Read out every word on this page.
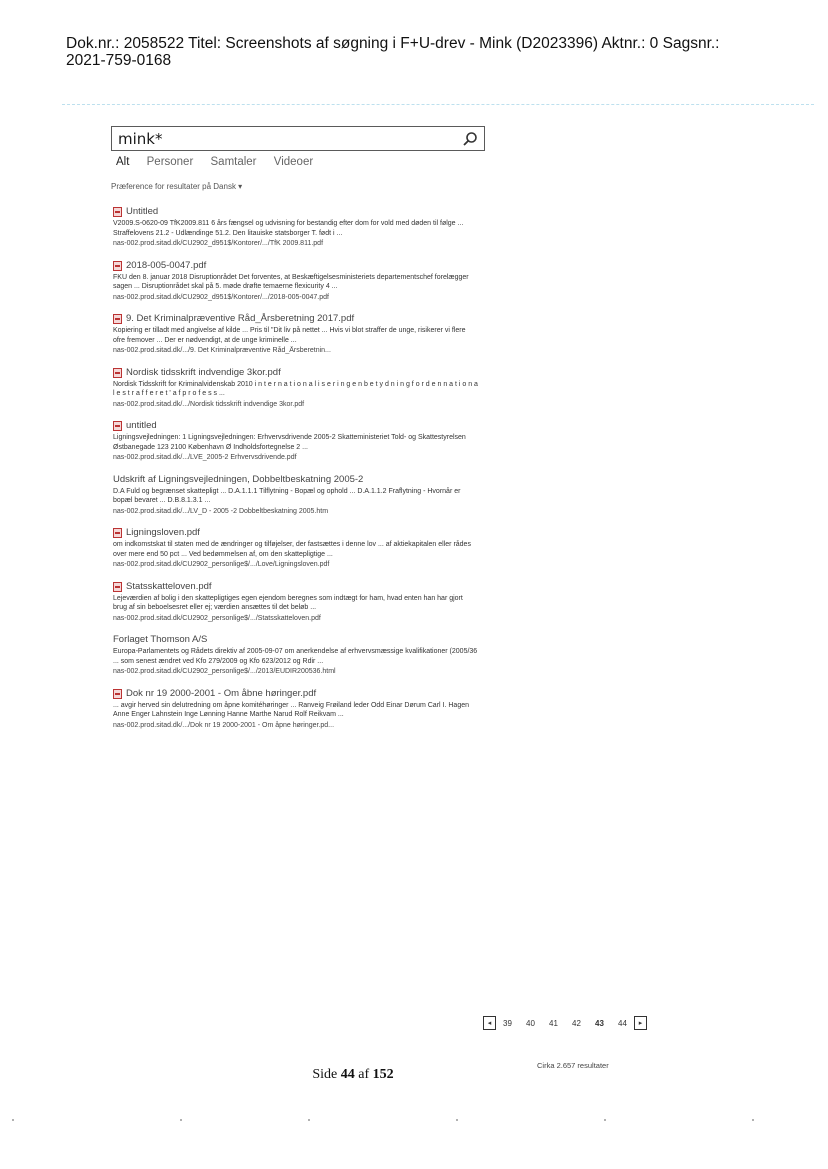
Dok.nr.: 2058522 Titel: Screenshots af søgning i F+U-drev - Mink (D2023396) Aktnr.: 0 Sagsnr.:
2021-759-0168
mink*
Alt Personer Samtaler Videoer
Præference for resultater på Dansk ▾
Untitled
V2009.S-0620-09 TfK2009.811 6 års fængsel og udvisning for bestandig efter dom for vold med døden til følge ... Straffelovens 21.2 - Udlændinge 51.2. Den litauiske statsborger T. født i ...
nas-002.prod.sitad.dk/CU2902_d951$/Kontorer/.../TfK 2009.811.pdf
2018-005-0047.pdf
FKU den 8. januar 2018 Disruptionrådet Det forventes, at Beskæftigelsesministeriets departementschef forelægger sagen ... Disruptionrådet skal på 5. møde drøfte temaerne flexicurity 4 ...
nas-002.prod.sitad.dk/CU2902_d951$/Kontorer/.../2018-005-0047.pdf
9. Det Kriminalpræventive Råd_Årsberetning 2017.pdf
Kopiering er tilladt med angivelse af kilde ... Pris til "Dit liv på nettet ... Hvis vi blot straffer de unge, risikerer vi flere ofre fremover ... Der er nødvendigt, at de unge kriminelle ...
nas-002.prod.sitad.dk/.../9. Det Kriminalpræventive Råd_Årsberetnin...
Nordisk tidsskrift indvendige 3kor.pdf
Nordisk Tidsskrift for Kriminalvidenskab 2010 i n t e r n a t i o n a l i s e r i n g e n b e t y d n i n g f o r d e n n a t i o n a l e s t r a f f e r e t ' a f p r o f e s s ...
nas-002.prod.sitad.dk/.../Nordisk tidsskrift indvendige 3kor.pdf
untitled
Ligningsvejledningen: 1 Ligningsvejledningen: Erhvervsdrivende 2005-2 Skatteministeriet Told- og Skattestyrelsen Østbanegade 123 2100 København Ø Indholdsfortegnelse 2 ...
nas-002.prod.sitad.dk/.../LVE_2005-2 Erhvervsdrivende.pdf
Udskrift af Ligningsvejledningen, Dobbeltbeskatning 2005-2
D.A Fuld og begrænset skattepligt ... D.A.1.1.1 Tilflytning - Bopæl og ophold ... D.A.1.1.2 Fraflytning - Hvornår er bopæl bevaret ... D.B.8.1.3.1 ...
nas-002.prod.sitad.dk/.../LV_D - 2005 -2 Dobbeltbeskatning 2005.htm
Ligningsloven.pdf
om indkomstskat til staten med de ændringer og tilføjelser, der fastsættes i denne lov ... af aktiekapitalen eller rådes over mere end 50 pct ... Ved bedømmelsen af, om den skattepligtige ...
nas-002.prod.sitad.dk/CU2902_personlige$/.../Love/Ligningsloven.pdf
Statsskatteloven.pdf
Lejeværdien af bolig i den skattepligtiges egen ejendom beregnes som indtægt for ham, hvad enten han har gjort brug af sin beboelsesret eller ej; værdien ansættes til det beløb ...
nas-002.prod.sitad.dk/CU2902_personlige$/.../Statsskatteloven.pdf
Forlaget Thomson A/S
Europa-Parlamentets og Rådets direktiv af 2005-09-07 om anerkendelse af erhvervsmæssige kvalifikationer (2005/36 ... som senest ændret ved Kfo 279/2009 og Kfo 623/2012 og Rdir ...
nas-002.prod.sitad.dk/CU2902_personlige$/.../2013/EUDIR200536.html
Dok nr 19 2000-2001 - Om åbne høringer.pdf
... avgir herved sin delutredning om åpne komitéhøringer ... Ranveig Frøiland leder Odd Einar Dørum Carl I. Hagen Anne Enger Lahnstein Inge Lønning Hanne Marthe Narud Rolf Reikvam ...
nas-002.prod.sitad.dk/.../Dok nr 19 2000-2001 - Om åpne høringer.pd...
◂	39	40	41	42	43	44	▸
Cirka 2.657 resultater
Side 44 af 152
